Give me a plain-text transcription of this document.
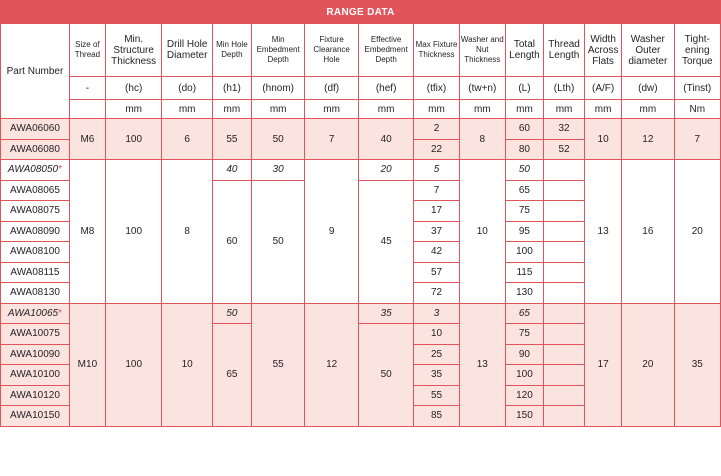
RANGE DATA														
Part Number	Size of Thread	Min. Structure Thickness	Drill Hole Diameter	Min Hole Depth	Min Embedment Depth	Fixture Clearance Hole	Effective Embedment Depth	Max Fixture Thickness	Washer and Nut Thickness	Total Length	Thread Length	Width Across Flats	Washer Outer diameter	Tight- ening Torque
	-	(hc)	(do)	(h1)	(hnom)	(df)	(hef)	(tfix)	(tw+n)	(L)	(Lth)	(A/F)	(dw)	(Tinst)
		mm	mm	mm	mm	mm	mm	mm	mm	mm	mm	mm	mm	Nm
AWA06060	M6	100	6	55	50	7	40	2	8	60	32	10	12	7
AWA06080								22		80	52			
AWA08050*	M8	100	8	40	30	9	20	5	10	50		13	16	20
AWA08065				60	50		45	7		65				
AWA08075								17		75				
AWA08090								37		95				
AWA08100								42		100				
AWA08115								57		115				
AWA08130								72		130				
AWA10065*	M10	100	10	50	55	12	35	3	13	65		17	20	35
AWA10075				65			50	10		75				
AWA10090								25		90				
AWA10100								35		100				
AWA10120								55		120				
AWA10150								85		150				
